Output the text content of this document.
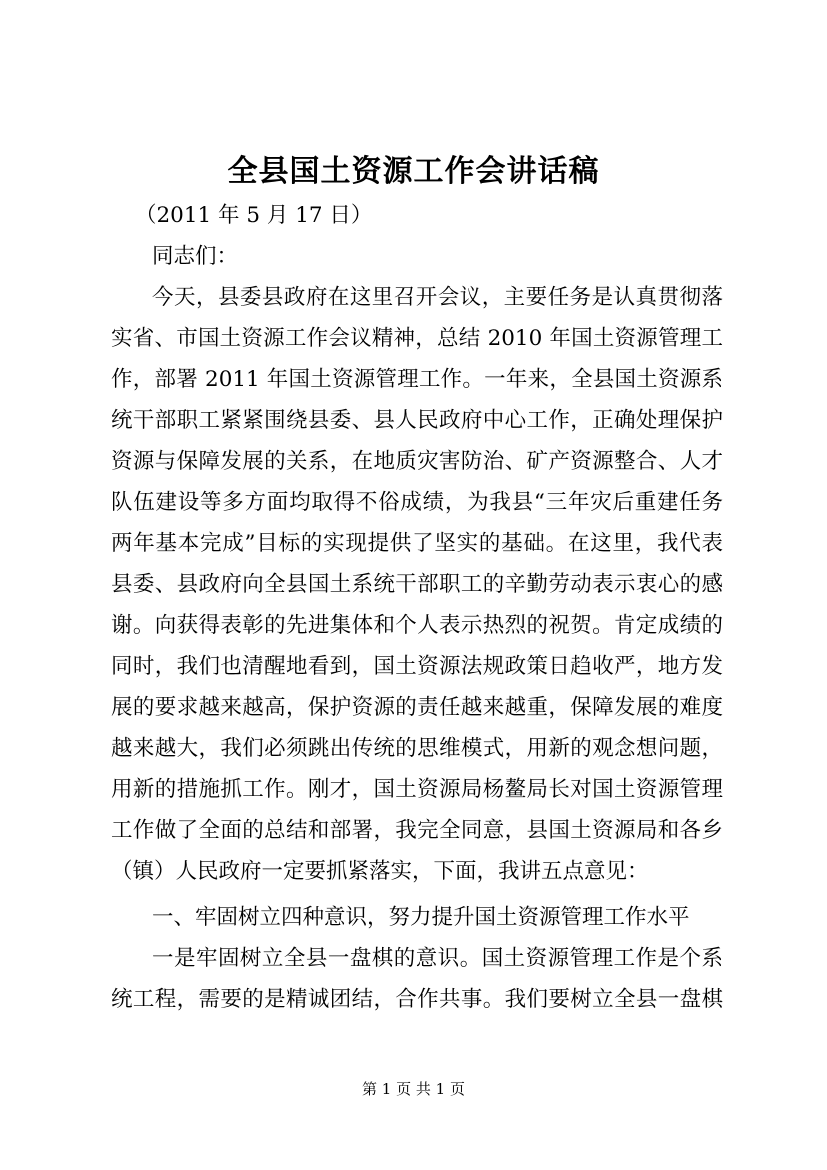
全县国土资源工作会讲话稿
（2011 年 5 月 17 日）
同志们：
今天，县委县政府在这里召开会议，主要任务是认真贯彻落
实省、市国土资源工作会议精神，总结 2010 年国土资源管理工
作，部署 2011 年国土资源管理工作。一年来，全县国土资源系
统干部职工紧紧围绕县委、县人民政府中心工作，正确处理保护
资源与保障发展的关系，在地质灾害防治、矿产资源整合、人才
队伍建设等多方面均取得不俗成绩，为我县“三年灾后重建任务
两年基本完成”目标的实现提供了坚实的基础。在这里，我代表
县委、县政府向全县国土系统干部职工的辛勤劳动表示衷心的感
谢。向获得表彰的先进集体和个人表示热烈的祝贺。肯定成绩的
同时，我们也清醒地看到，国土资源法规政策日趋收严，地方发
展的要求越来越高，保护资源的责任越来越重，保障发展的难度
越来越大，我们必须跳出传统的思维模式，用新的观念想问题，
用新的措施抓工作。刚才，国土资源局杨鳌局长对国土资源管理
工作做了全面的总结和部署，我完全同意，县国土资源局和各乡
（镇）人民政府一定要抓紧落实，下面，我讲五点意见：
一、牢固树立四种意识，努力提升国土资源管理工作水平
一是牢固树立全县一盘棋的意识。国土资源管理工作是个系
统工程，需要的是精诚团结，合作共事。我们要树立全县一盘棋
第 1 页 共 1 页
